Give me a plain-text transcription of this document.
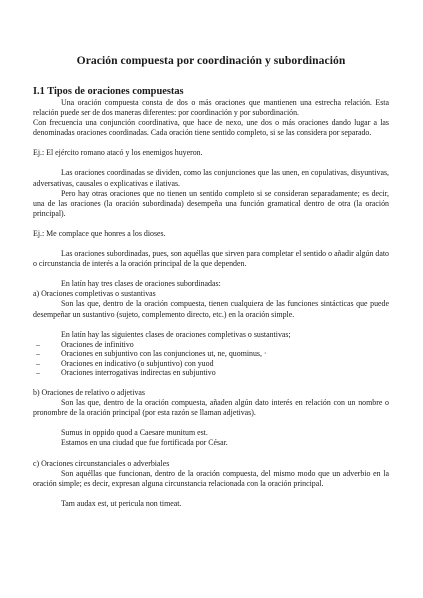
Oración compuesta por coordinación y subordinación
I.1 Tipos de oraciones compuestas

Una oración compuesta consta de dos o más oraciones que mantienen una estrecha relación. Esta relación puede ser de dos maneras diferentes: por coordinación y por subordinación.

Con frecuencia una conjunción coordinativa, que hace de nexo, une dos o más oraciones dando lugar a las denominadas oraciones coordinadas. Cada oración tiene sentido completo, si se las considera por separado.

Ej.: El ejército romano atacó y los enemigos huyeron.

Las oraciones coordinadas se dividen, como las conjunciones que las unen, en copulativas, disyuntivas, adversativas, causales o explicativas e ilativas.

Pero hay otras oraciones que no tienen un sentido completo si se consideran separadamente; es decir, una de las oraciones (la oración subordinada) desempeña una función gramatical dentro de otra (la oración principal).

Ej.: Me complace que honres a los dioses.

Las oraciones subordinadas, pues, son aquéllas que sirven para completar el sentido o añadir algún dato o circunstancia de interés a la oración principal de la que dependen.

En latín hay tres clases de oraciones subordinadas:

a) Oraciones completivas o sustantivas

Son las que, dentro de la oración compuesta, tienen cualquiera de las funciones sintácticas que puede desempeñar un sustantivo (sujeto, complemento directo, etc.) en la oración simple.

En latín hay las siguientes clases de oraciones completivas o sustantivas;

–	Oraciones de infinitivo
–	Oraciones en subjuntivo con las conjunciones ut, ne, quominus, ·
–	Oraciones en indicativo (o subjuntivo) con yuod
–	Oraciones interrogativas indirectas en subjuntivo

b) Oraciones de relativo o adjetivas

Son las que, dentro de la oración compuesta, añaden algún dato interés en relación con un nombre o pronombre de la oración principal (por esta razón se llaman adjetivas).

Sumus in oppido quod a Caesare munitum est.

Estamos en una ciudad que fue fortificada por César.

c) Oraciones circunstanciales o adverbiales

Son aquéllas que funcionan, dentro de la oración compuesta, del mismo modo que un adverbio en la oración simple; es decir, expresan alguna circunstancia relacionada con la oración principal.

Tam audax est, ut pericula non timeat.
